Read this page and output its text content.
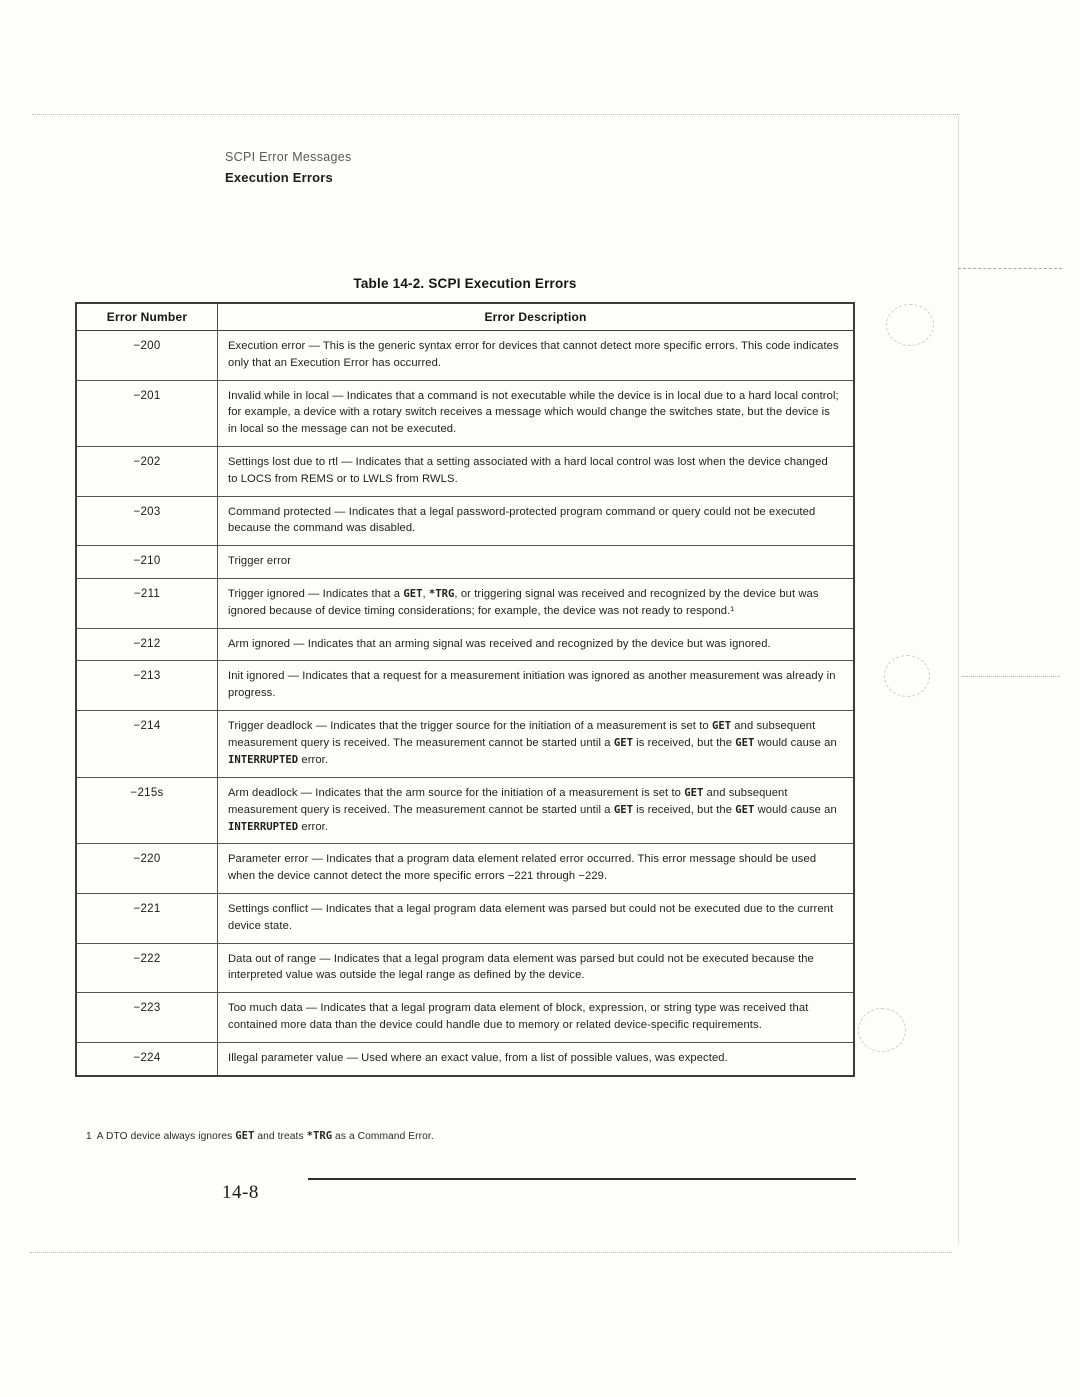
SCPI Error Messages

Execution Errors

Table 14-2. SCPI Execution Errors
Error Number	Error Description
−200	Execution error — This is the generic syntax error for devices that cannot detect more specific errors. This code indicates only that an Execution Error has occurred.
−201	Invalid while in local — Indicates that a command is not executable while the device is in local due to a hard local control; for example, a device with a rotary switch receives a message which would change the switches state, but the device is in local so the message can not be executed.
−202	Settings lost due to rtl — Indicates that a setting associated with a hard local control was lost when the device changed to LOCS from REMS or to LWLS from RWLS.
−203	Command protected — Indicates that a legal password-protected program command or query could not be executed because the command was disabled.
−210	Trigger error
−211	Trigger ignored — Indicates that a GET, *TRG, or triggering signal was received and recognized by the device but was ignored because of device timing considerations; for example, the device was not ready to respond.¹
−212	Arm ignored — Indicates that an arming signal was received and recognized by the device but was ignored.
−213	Init ignored — Indicates that a request for a measurement initiation was ignored as another measurement was already in progress.
−214	Trigger deadlock — Indicates that the trigger source for the initiation of a measurement is set to GET and subsequent measurement query is received. The measurement cannot be started until a GET is received, but the GET would cause an INTERRUPTED error.
−215s	Arm deadlock — Indicates that the arm source for the initiation of a measurement is set to GET and subsequent measurement query is received. The measurement cannot be started until a GET is received, but the GET would cause an INTERRUPTED error.
−220	Parameter error — Indicates that a program data element related error occurred. This error message should be used when the device cannot detect the more specific errors −221 through −229.
−221	Settings conflict — Indicates that a legal program data element was parsed but could not be executed due to the current device state.
−222	Data out of range — Indicates that a legal program data element was parsed but could not be executed because the interpreted value was outside the legal range as defined by the device.
−223	Too much data — Indicates that a legal program data element of block, expression, or string type was received that contained more data than the device could handle due to memory or related device-specific requirements.
−224	Illegal parameter value — Used where an exact value, from a list of possible values, was expected.
1 A DTO device always ignores GET and treats *TRG as a Command Error.
14-8
